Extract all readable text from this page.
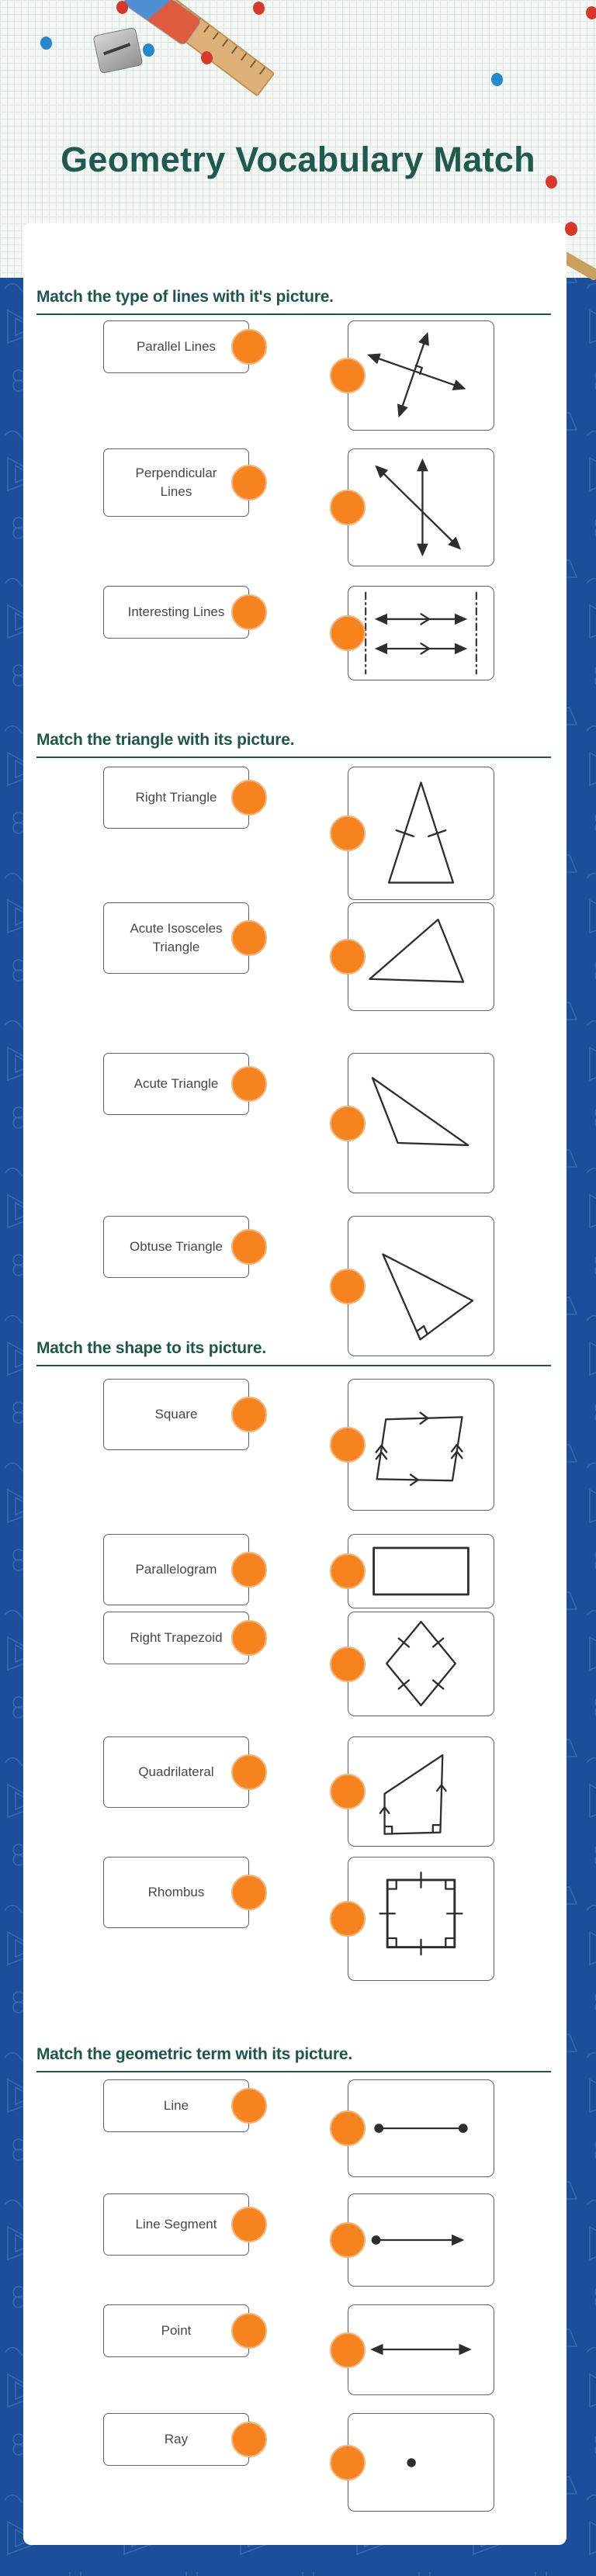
Geometry Vocabulary Match
Match the type of lines with it's picture.
Parallel Lines
Perpendicular Lines
Interesting Lines
Match the triangle with its picture.
Right Triangle
Acute Isosceles Triangle
Acute Triangle
Obtuse Triangle
Match the shape to its picture.
Square
Parallelogram
Right Trapezoid
Quadrilateral
Rhombus
Match the geometric term with its picture.
Line
Line Segment
Point
Ray
